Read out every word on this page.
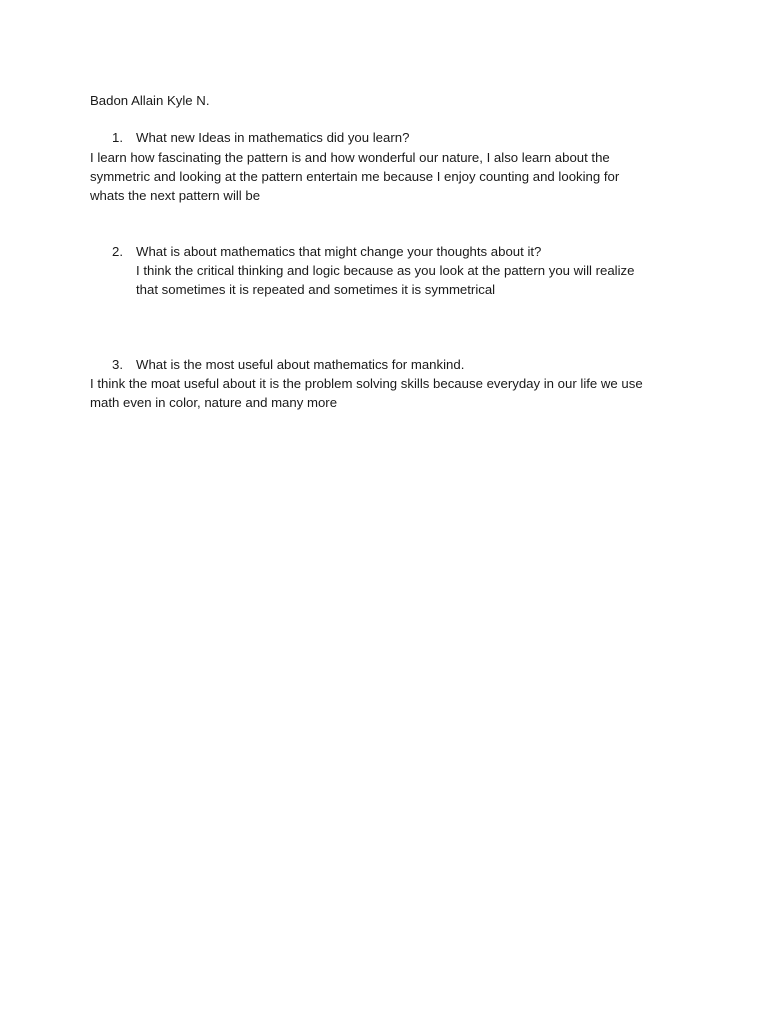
Badon Allain Kyle N.
1. What new Ideas in mathematics did you learn?
I learn how fascinating the pattern is and how wonderful our nature, I also learn about the
symmetric and looking at the pattern entertain me because I enjoy counting and looking for
whats the next pattern will be
2. What is about mathematics that might change your thoughts about it?
I think the critical thinking and logic because as you look at the pattern you will realize
that sometimes it is repeated and sometimes it is symmetrical
3. What is the most useful about mathematics for mankind.
I think the moat useful about it is the problem solving skills because everyday in our life we use
math even in color, nature and many more
